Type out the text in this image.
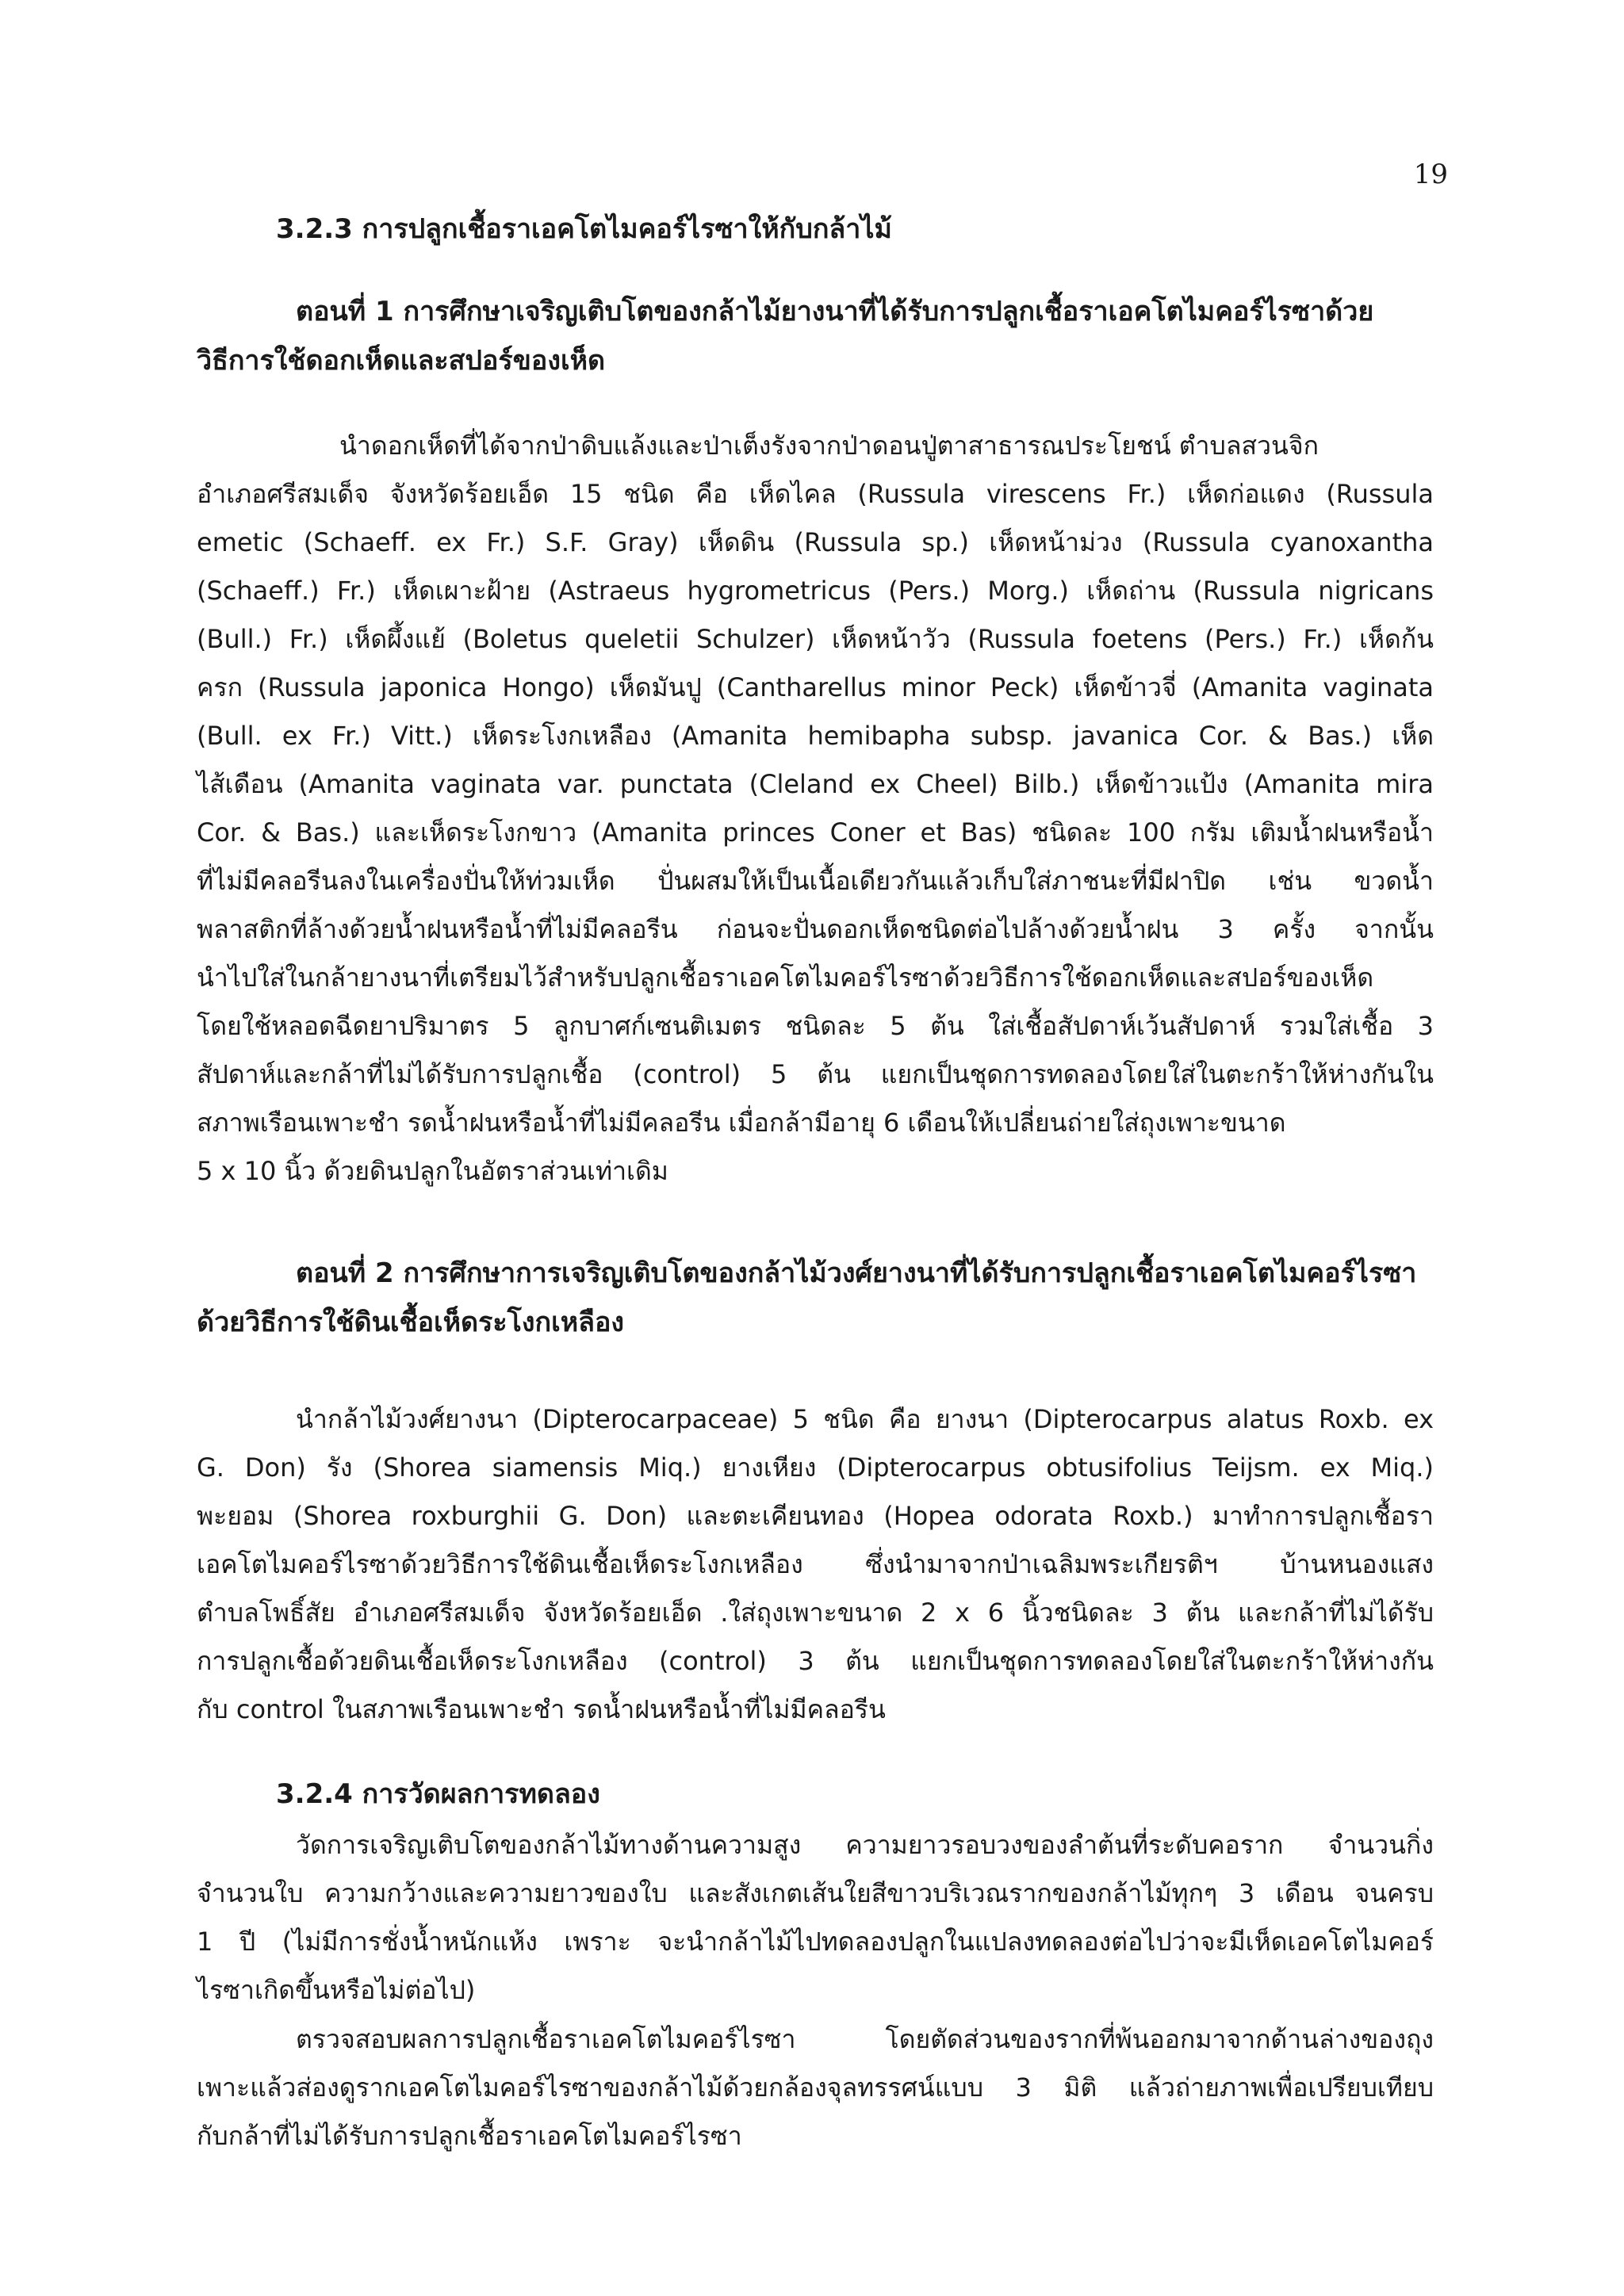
19
3.2.3 การปลูกเชื้อราเอคโตไมคอร์ไรซาให้กับกล้าไม้
ตอนที่ 1 การศึกษาเจริญเติบโตของกล้าไม้ยางนาที่ได้รับการปลูกเชื้อราเอคโตไมคอร์ไรซาด้วย
วิธีการใช้ดอกเห็ดและสปอร์ของเห็ด
นำดอกเห็ดที่ได้จากป่าดิบแล้งและป่าเต็งรังจากป่าดอนปู่ตาสาธารณประโยชน์ ตำบลสวนจิก
อำเภอศรีสมเด็จ จังหวัดร้อยเอ็ด 15 ชนิด คือ เห็ดไคล (Russula virescens Fr.) เห็ดก่อแดง (Russula
emetic (Schaeff. ex Fr.) S.F. Gray) เห็ดดิน (Russula sp.) เห็ดหน้าม่วง (Russula cyanoxantha
(Schaeff.) Fr.) เห็ดเผาะฝ้าย (Astraeus hygrometricus (Pers.) Morg.) เห็ดถ่าน (Russula nigricans
(Bull.) Fr.) เห็ดผึ้งแย้ (Boletus queletii Schulzer) เห็ดหน้าวัว (Russula foetens (Pers.) Fr.) เห็ดก้น
ครก (Russula japonica Hongo) เห็ดมันปู (Cantharellus minor Peck) เห็ดข้าวจี่ (Amanita vaginata
(Bull. ex Fr.) Vitt.) เห็ดระโงกเหลือง (Amanita hemibapha subsp. javanica Cor. & Bas.) เห็ด
ไส้เดือน (Amanita vaginata var. punctata (Cleland ex Cheel) Bilb.) เห็ดข้าวแป้ง (Amanita mira
Cor. & Bas.) และเห็ดระโงกขาว (Amanita princes Coner et Bas) ชนิดละ 100 กรัม เติมน้ำฝนหรือน้ำ
ที่ไม่มีคลอรีนลงในเครื่องปั่นให้ท่วมเห็ด ปั่นผสมให้เป็นเนื้อเดียวกันแล้วเก็บใส่ภาชนะที่มีฝาปิด เช่น ขวดน้ำ
พลาสติกที่ล้างด้วยน้ำฝนหรือน้ำที่ไม่มีคลอรีน ก่อนจะปั่นดอกเห็ดชนิดต่อไปล้างด้วยน้ำฝน 3 ครั้ง จากนั้น
นำไปใส่ในกล้ายางนาที่เตรียมไว้สำหรับปลูกเชื้อราเอคโตไมคอร์ไรซาด้วยวิธีการใช้ดอกเห็ดและสปอร์ของเห็ด
โดยใช้หลอดฉีดยาปริมาตร 5 ลูกบาศก์เซนติเมตร ชนิดละ 5 ต้น ใส่เชื้อสัปดาห์เว้นสัปดาห์ รวมใส่เชื้อ 3
สัปดาห์และกล้าที่ไม่ได้รับการปลูกเชื้อ (control) 5 ต้น แยกเป็นชุดการทดลองโดยใส่ในตะกร้าให้ห่างกันใน
สภาพเรือนเพาะชำ รดน้ำฝนหรือน้ำที่ไม่มีคลอรีน เมื่อกล้ามีอายุ 6 เดือนให้เปลี่ยนถ่ายใส่ถุงเพาะขนาด
5 x 10 นิ้ว ด้วยดินปลูกในอัตราส่วนเท่าเดิม
ตอนที่ 2 การศึกษาการเจริญเติบโตของกล้าไม้วงศ์ยางนาที่ได้รับการปลูกเชื้อราเอคโตไมคอร์ไรซา
ด้วยวิธีการใช้ดินเชื้อเห็ดระโงกเหลือง
นำกล้าไม้วงศ์ยางนา (Dipterocarpaceae) 5 ชนิด คือ ยางนา (Dipterocarpus alatus Roxb. ex
G. Don) รัง (Shorea siamensis Miq.) ยางเหียง (Dipterocarpus obtusifolius Teijsm. ex Miq.)
พะยอม (Shorea roxburghii G. Don) และตะเคียนทอง (Hopea odorata Roxb.) มาทำการปลูกเชื้อรา
เอคโตไมคอร์ไรซาด้วยวิธีการใช้ดินเชื้อเห็ดระโงกเหลือง ซึ่งนำมาจากป่าเฉลิมพระเกียรติฯ บ้านหนองแสง
ตำบลโพธิ์สัย อำเภอศรีสมเด็จ จังหวัดร้อยเอ็ด .ใส่ถุงเพาะขนาด 2 x 6 นิ้วชนิดละ 3 ต้น และกล้าที่ไม่ได้รับ
การปลูกเชื้อด้วยดินเชื้อเห็ดระโงกเหลือง (control) 3 ต้น แยกเป็นชุดการทดลองโดยใส่ในตะกร้าให้ห่างกัน
กับ control ในสภาพเรือนเพาะชำ รดน้ำฝนหรือน้ำที่ไม่มีคลอรีน
3.2.4 การวัดผลการทดลอง
วัดการเจริญเติบโตของกล้าไม้ทางด้านความสูง ความยาวรอบวงของลำต้นที่ระดับคอราก จำนวนกิ่ง
จำนวนใบ ความกว้างและความยาวของใบ และสังเกตเส้นใยสีขาวบริเวณรากของกล้าไม้ทุกๆ 3 เดือน จนครบ
1 ปี (ไม่มีการชั่งน้ำหนักแห้ง เพราะ จะนำกล้าไม้ไปทดลองปลูกในแปลงทดลองต่อไปว่าจะมีเห็ดเอคโตไมคอร์
ไรซาเกิดขึ้นหรือไม่ต่อไป)
ตรวจสอบผลการปลูกเชื้อราเอคโตไมคอร์ไรซา โดยตัดส่วนของรากที่พ้นออกมาจากด้านล่างของถุง
เพาะแล้วส่องดูรากเอคโตไมคอร์ไรซาของกล้าไม้ด้วยกล้องจุลทรรศน์แบบ 3 มิติ แล้วถ่ายภาพเพื่อเปรียบเทียบ
กับกล้าที่ไม่ได้รับการปลูกเชื้อราเอคโตไมคอร์ไรซา
